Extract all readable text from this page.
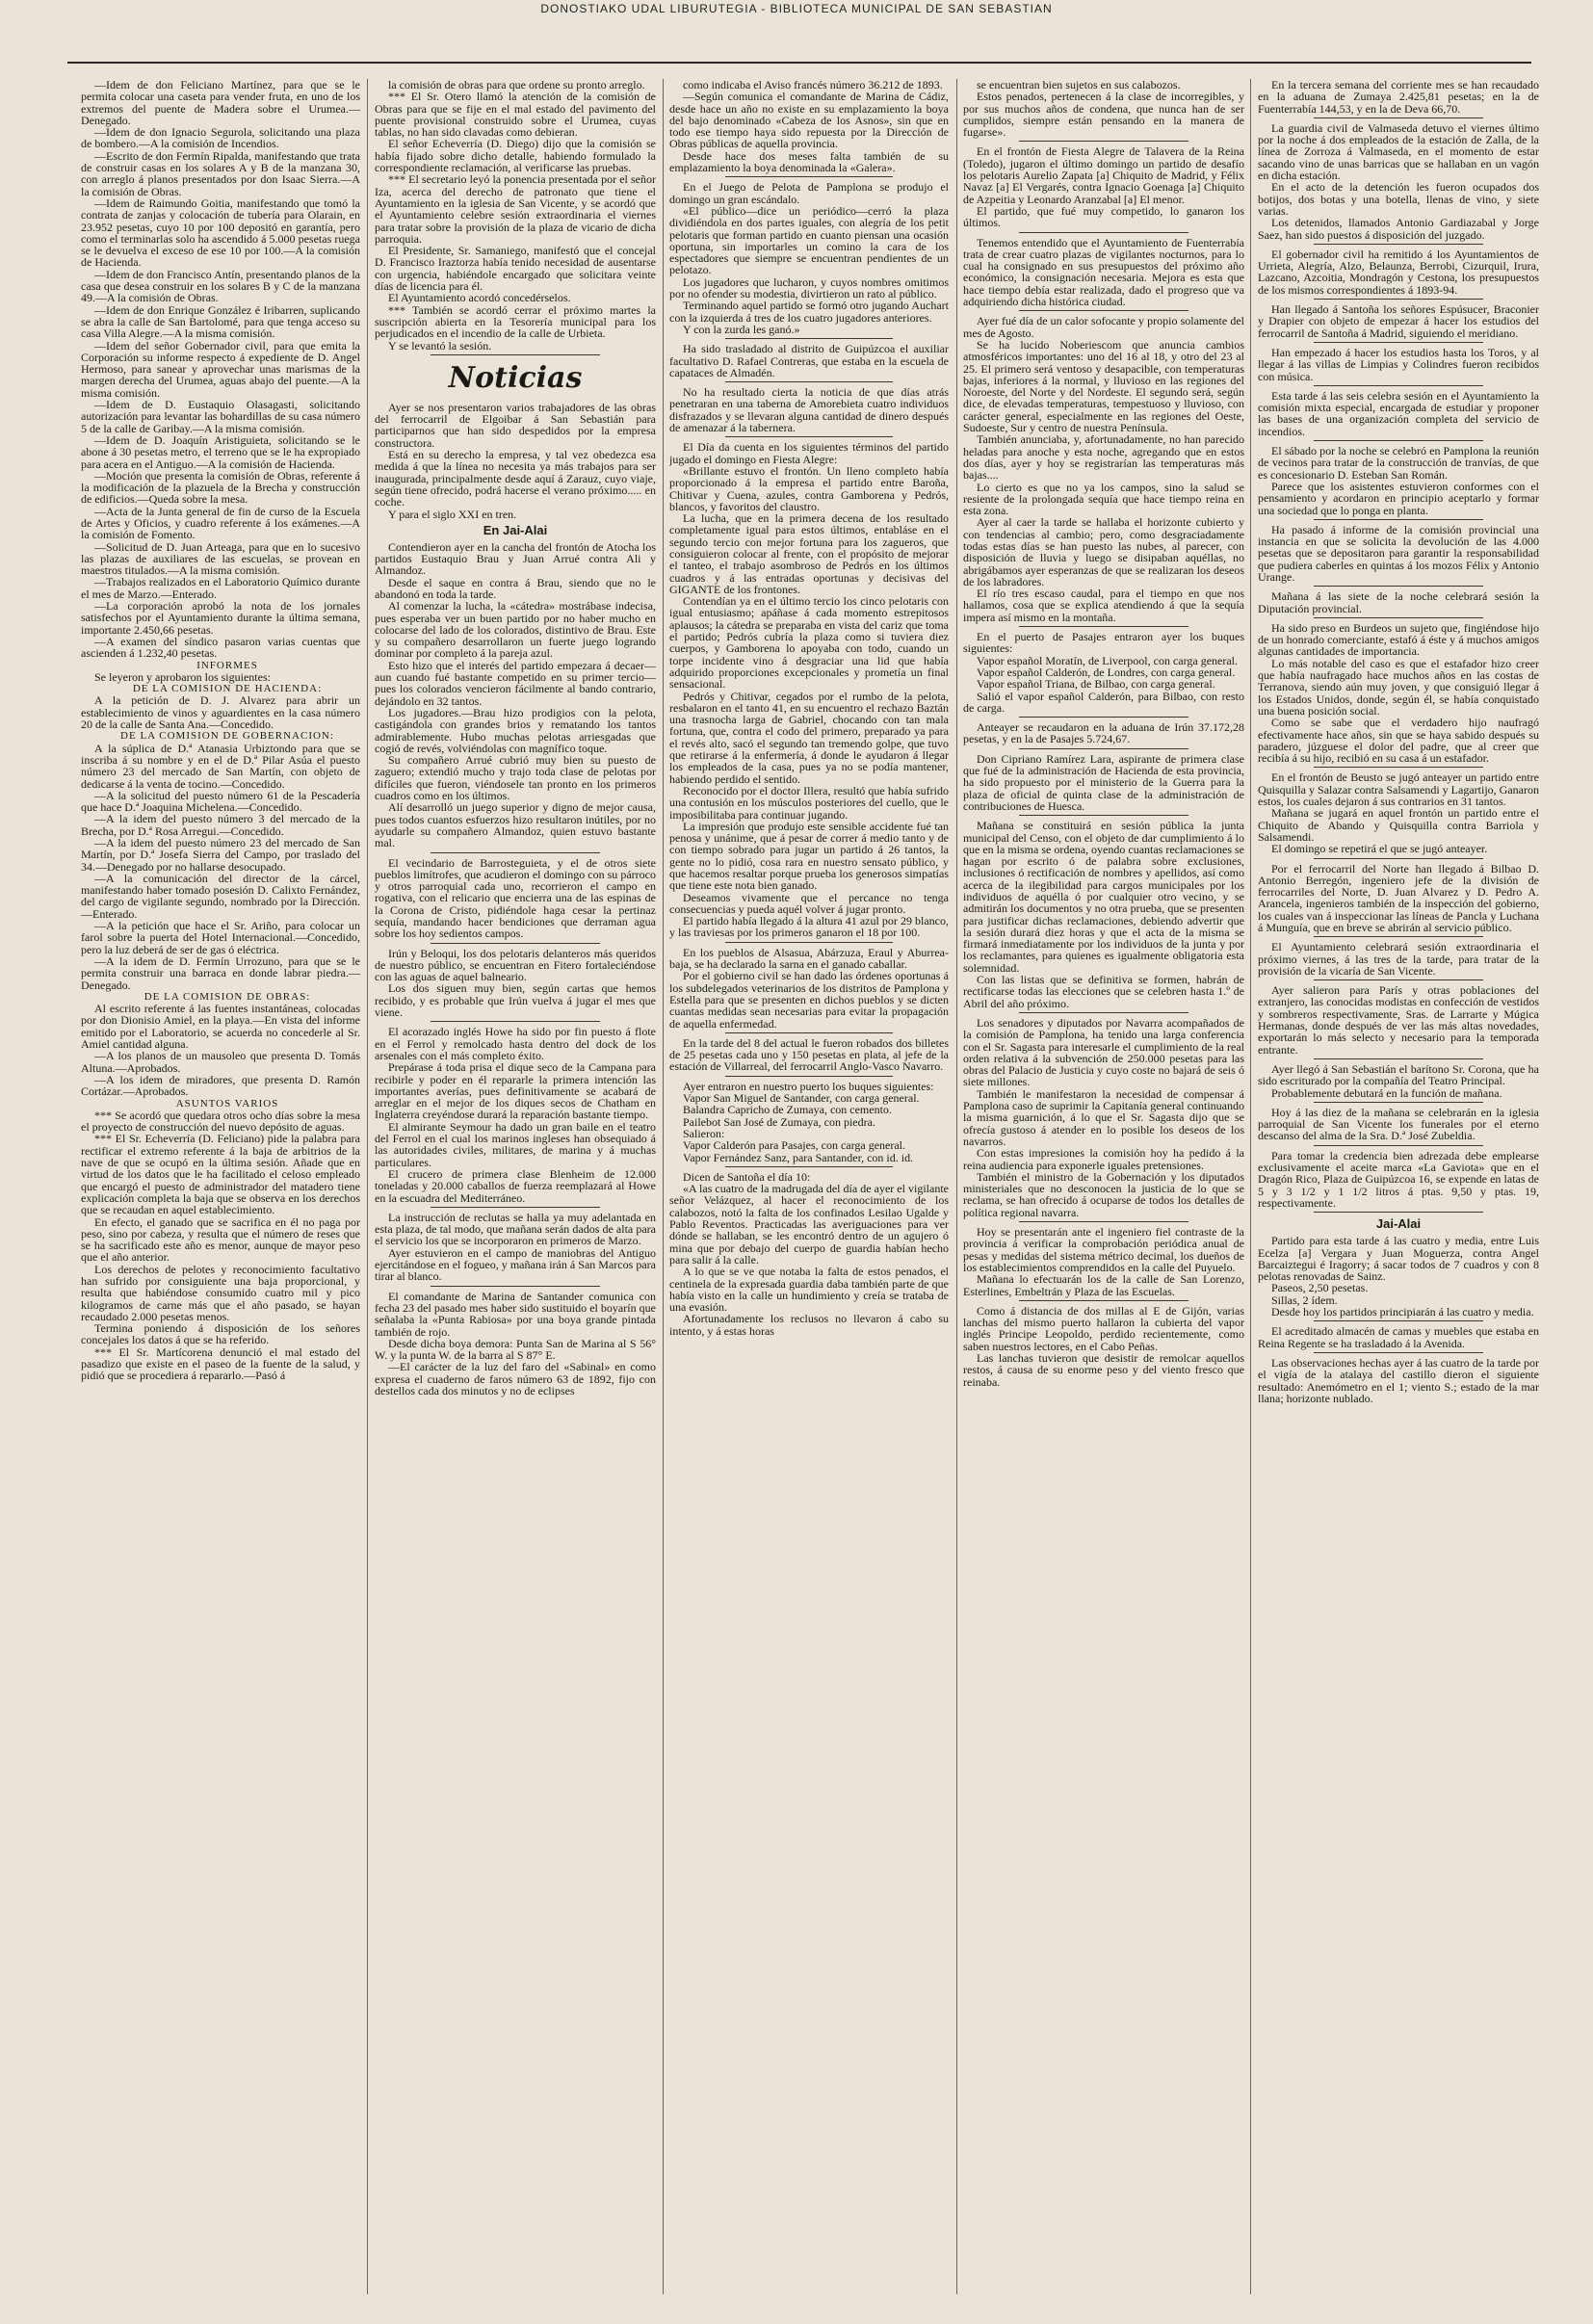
DONOSTIAKO UDAL LIBURUTEGIA - BIBLIOTECA MUNICIPAL DE SAN SEBASTIAN

—Idem de don Feliciano Martínez, para que se le permita colocar una caseta para vender fruta, en uno de los extremos del puente de Madera sobre el Urumea.—Denegado.

—Idem de don Ignacio Segurola, solicitando una plaza de bombero.—A la comisión de Incendios.

—Escrito de don Fermín Ripalda, manifestando que trata de construir casas en los solares A y B de la manzana 30, con arreglo á planos presentados por don Isaac Sierra.—A la comisión de Obras.

—Idem de Raimundo Goitia, manifestando que tomó la contrata de zanjas y colocación de tubería para Olarain, en 23.952 pesetas, cuyo 10 por 100 depositó en garantía, pero como el terminarlas solo ha ascendido á 5.000 pesetas ruega se le devuelva el exceso de ese 10 por 100.—A la comisión de Hacienda.

—Idem de don Francisco Antín, presentando planos de la casa que desea construir en los solares B y C de la manzana 49.—A la comisión de Obras.

—Idem de don Enrique González é Iribarren, suplicando se abra la calle de San Bartolomé, para que tenga acceso su casa Villa Alegre.—A la misma comisión.

—Idem del señor Gobernador civil, para que emita la Corporación su informe respecto á expediente de D. Angel Hermoso, para sanear y aprovechar unas marismas de la margen derecha del Urumea, aguas abajo del puente.—A la misma comisión.

—Idem de D. Eustaquio Olasagasti, solicitando autorización para levantar las bohardillas de su casa número 5 de la calle de Garibay.—A la misma comisión.

—Idem de D. Joaquín Aristiguieta, solicitando se le abone á 30 pesetas metro, el terreno que se le ha expropiado para acera en el Antiguo.—A la comisión de Hacienda.

—Moción que presenta la comisión de Obras, referente á la modificación de la plazuela de la Brecha y construcción de edificios.—Queda sobre la mesa.

—Acta de la Junta general de fin de curso de la Escuela de Artes y Oficios, y cuadro referente á los exámenes.—A la comisión de Fomento.

—Solicitud de D. Juan Arteaga, para que en lo sucesivo las plazas de auxiliares de las escuelas, se provean en maestros titulados.—A la misma comisión.

—Trabajos realizados en el Laboratorio Químico durante el mes de Marzo.—Enterado.

—La corporación aprobó la nota de los jornales satisfechos por el Ayuntamiento durante la última semana, importante 2.450,66 pesetas.

—A examen del síndico pasaron varias cuentas que ascienden á 1.232,40 pesetas.

INFORMES

Se leyeron y aprobaron los siguientes:

DE LA COMISION DE HACIENDA:

A la petición de D. J. Alvarez para abrir un establecimiento de vinos y aguardientes en la casa número 20 de la calle de Santa Ana.—Concedido.

DE LA COMISION DE GOBERNACION:

A la súplica de D.ª Atanasia Urbiztondo para que se inscriba á su nombre y en el de D.ª Pilar Asúa el puesto número 23 del mercado de San Martín, con objeto de dedicarse á la venta de tocino.—Concedido.

—A la solicitud del puesto número 61 de la Pescadería que hace D.ª Joaquina Michelena.—Concedido.

—A la idem del puesto número 3 del mercado de la Brecha, por D.ª Rosa Arregui.—Concedido.

—A la idem del puesto número 23 del mercado de San Martín, por D.ª Josefa Sierra del Campo, por traslado del 34.—Denegado por no hallarse desocupado.

—A la comunicación del director de la cárcel, manifestando haber tomado posesión D. Calixto Fernández, del cargo de vigilante segundo, nombrado por la Dirección.—Enterado.

—A la petición que hace el Sr. Ariño, para colocar un farol sobre la puerta del Hotel Internacional.—Concedido, pero la luz deberá de ser de gas ó eléctrica.

—A la idem de D. Fermín Urrozuno, para que se le permita construir una barraca en donde labrar piedra.—Denegado.

DE LA COMISION DE OBRAS:

Al escrito referente á las fuentes instantáneas, colocadas por don Dionisio Amiel, en la playa.—En vista del informe emitido por el Laboratorio, se acuerda no concederle al Sr. Amiel cantidad alguna.

—A los planos de un mausoleo que presenta D. Tomás Altuna.—Aprobados.

—A los idem de miradores, que presenta D. Ramón Cortázar.—Aprobados.

ASUNTOS VARIOS

*** Se acordó que quedara otros ocho días sobre la mesa el proyecto de construcción del nuevo depósito de aguas.

*** El Sr. Echeverría (D. Feliciano) pide la palabra para rectificar el extremo referente á la baja de arbitrios de la nave de que se ocupó en la última sesión. Añade que en virtud de los datos que le ha facilitado el celoso empleado que encargó el puesto de administrador del matadero tiene explicación completa la baja que se observa en los derechos que se recaudan en aquel establecimiento.

En efecto, el ganado que se sacrifica en él no paga por peso, sino por cabeza, y resulta que el número de reses que se ha sacrificado este año es menor, aunque de mayor peso que el año anterior.

Los derechos de pelotes y reconocimiento facultativo han sufrido por consiguiente una baja proporcional, y resulta que habiéndose consumido cuatro mil y pico kilogramos de carne más que el año pasado, se hayan recaudado 2.000 pesetas menos.

Termina poniendo á disposición de los señores concejales los datos á que se ha referido.

*** El Sr. Martícorena denunció el mal estado del pasadizo que existe en el paseo de la fuente de la salud, y pidió que se procediera á repararlo.—Pasó á

la comisión de obras para que ordene su pronto arreglo.

*** El Sr. Otero llamó la atención de la comisión de Obras para que se fije en el mal estado del pavimento del puente provisional construido sobre el Urumea, cuyas tablas, no han sido clavadas como debieran.

El señor Echeverría (D. Diego) dijo que la comisión se había fijado sobre dicho detalle, habiendo formulado la correspondiente reclamación, al verificarse las pruebas.

*** El secretario leyó la ponencia presentada por el señor Iza, acerca del derecho de patronato que tiene el Ayuntamiento en la iglesia de San Vicente, y se acordó que el Ayuntamiento celebre sesión extraordinaria el viernes para tratar sobre la provisión de la plaza de vicario de dicha parroquia.

El Presidente, Sr. Samaniego, manifestó que el concejal D. Francisco Iraztorza había tenido necesidad de ausentarse con urgencia, habiéndole encargado que solicitara veinte días de licencia para él.

El Ayuntamiento acordó concedérselos.

*** También se acordó cerrar el próximo martes la suscripción abierta en la Tesorería municipal para los perjudicados en el incendio de la calle de Urbieta.

Y se levantó la sesión.

Noticias

Ayer se nos presentaron varios trabajadores de las obras del ferrocarril de Elgoibar á San Sebastián para participarnos que han sido despedidos por la empresa constructora.

Está en su derecho la empresa, y tal vez obedezca esa medida á que la línea no necesita ya más trabajos para ser inaugurada, principalmente desde aquí á Zarauz, cuyo viaje, según tiene ofrecido, podrá hacerse el verano próximo..... en coche.

Y para el siglo XXI en tren.

En Jai-Alai

Contendieron ayer en la cancha del frontón de Atocha los partidos Eustaquio Brau y Juan Arrué contra Ali y Almandoz.

Desde el saque en contra á Brau, siendo que no le abandonó en toda la tarde.

Al comenzar la lucha, la «cátedra» mostrábase indecisa, pues esperaba ver un buen partido por no haber mucho en colocarse del lado de los colorados, distintivo de Brau. Este y su compañero desarrollaron un fuerte juego logrando dominar por completo á la pareja azul.

Esto hizo que el interés del partido empezara á decaer—aun cuando fué bastante competido en su primer tercio—pues los colorados vencieron fácilmente al bando contrario, dejándolo en 32 tantos.

Los jugadores.—Brau hizo prodigios con la pelota, castigándola con grandes brios y rematando los tantos admirablemente. Hubo muchas pelotas arriesgadas que cogió de revés, volviéndolas con magnífico toque.

Su compañero Arrué cubrió muy bien su puesto de zaguero; extendió mucho y trajo toda clase de pelotas por difíciles que fueron, viéndosele tan pronto en los primeros cuadros como en los últimos.

Alí desarrolló un juego superior y digno de mejor causa, pues todos cuantos esfuerzos hizo resultaron inútiles, por no ayudarle su compañero Almandoz, quien estuvo bastante mal.

El vecindario de Barrosteguieta, y el de otros siete pueblos limítrofes, que acudieron el domingo con su párroco y otros parroquial cada uno, recorrieron el campo en rogativa, con el relicario que encierra una de las espinas de la Corona de Cristo, pidiéndole haga cesar la pertinaz sequía, mandando hacer bendiciones que derraman agua sobre los hoy sedientos campos.

Irún y Beloqui, los dos pelotaris delanteros más queridos de nuestro público, se encuentran en Fitero fortaleciéndose con las aguas de aquel balneario.

Los dos siguen muy bien, según cartas que hemos recibido, y es probable que Irún vuelva á jugar el mes que viene.

El acorazado inglés Howe ha sido por fin puesto á flote en el Ferrol y remolcado hasta dentro del dock de los arsenales con el más completo éxito.

Prepárase á toda prisa el dique seco de la Campana para recibirle y poder en él repararle la primera intención las importantes averías, pues definitivamente se acabará de arreglar en el mejor de los diques secos de Chatham en Inglaterra creyéndose durará la reparación bastante tiempo.

El almirante Seymour ha dado un gran baile en el teatro del Ferrol en el cual los marinos ingleses han obsequiado á las autoridades civiles, militares, de marina y á muchas particulares.

El crucero de primera clase Blenheim de 12.000 toneladas y 20.000 caballos de fuerza reemplazará al Howe en la escuadra del Mediterráneo.

La instrucción de reclutas se halla ya muy adelantada en esta plaza, de tal modo, que mañana serán dados de alta para el servicio los que se incorporaron en primeros de Marzo.

Ayer estuvieron en el campo de maniobras del Antiguo ejercitándose en el fogueo, y mañana irán á San Marcos para tirar al blanco.

El comandante de Marina de Santander comunica con fecha 23 del pasado mes haber sido sustituido el boyarín que señalaba la «Punta Rabiosa» por una boya grande pintada también de rojo.

Desde dicha boya demora: Punta San de Marina al S 56° W. y la punta W. de la barra al S 87° E.

—El carácter de la luz del faro del «Sabinal» en como expresa el cuaderno de faros número 63 de 1892, fijo con destellos cada dos minutos y no de eclipses

como indicaba el Aviso francés número 36.212 de 1893.

—Según comunica el comandante de Marina de Cádiz, desde hace un año no existe en su emplazamiento la boya del bajo denominado «Cabeza de los Asnos», sin que en todo ese tiempo haya sido repuesta por la Dirección de Obras públicas de aquella provincia.

Desde hace dos meses falta también de su emplazamiento la boya denominada la «Galera».

En el Juego de Pelota de Pamplona se produjo el domingo un gran escándalo.

«El público—dice un periódico—cerró la plaza dividiéndola en dos partes iguales, con alegría de los petit pelotaris que forman partido en cuanto piensan una ocasión oportuna, sin importarles un comino la cara de los espectadores que siempre se encuentran pendientes de un pelotazo.

Los jugadores que lucharon, y cuyos nombres omitimos por no ofender su modestia, divirtieron un rato al público.

Terminando aquel partido se formó otro jugando Auchart con la izquierda á tres de los cuatro jugadores anteriores.

Y con la zurda les ganó.»

Ha sido trasladado al distrito de Guipúzcoa el auxiliar facultativo D. Rafael Contreras, que estaba en la escuela de capataces de Almadén.

No ha resultado cierta la noticia de que días atrás penetraran en una taberna de Amorebieta cuatro individuos disfrazados y se llevaran alguna cantidad de dinero después de amenazar á la tabernera.

El Día da cuenta en los siguientes términos del partido jugado el domingo en Fiesta Alegre:

«Brillante estuvo el frontón. Un lleno completo había proporcionado á la empresa el partido entre Baroña, Chitivar y Cuena, azules, contra Gamborena y Pedrós, blancos, y favoritos del claustro.

La lucha, que en la primera decena de los resultado completamente igual para estos últimos, entabláse en el segundo tercio con mejor fortuna para los zagueros, que consiguieron colocar al frente, con el propósito de mejorar el tanteo, el trabajo asombroso de Pedrós en los últimos cuadros y á las entradas oportunas y decisivas del GIGANTE de los frontones.

Contendían ya en el último tercio los cinco pelotaris con igual entusiasmo; apáñase á cada momento estrepitosos aplausos; la cátedra se preparaba en vista del cariz que toma el partido; Pedrós cubría la plaza como si tuviera diez cuerpos, y Gamborena lo apoyaba con todo, cuando un torpe incidente vino á desgraciar una lid que había adquirido proporciones excepcionales y prometía un final sensacional.

Pedrós y Chitivar, cegados por el rumbo de la pelota, resbalaron en el tanto 41, en su encuentro el rechazo Baztán una trasnocha larga de Gabriel, chocando con tan mala fortuna, que, contra el codo del primero, preparado ya para el revés alto, sacó el segundo tan tremendo golpe, que tuvo que retirarse á la enfermería, á donde le ayudaron á llegar los empleados de la casa, pues ya no se podía mantener, habiendo perdido el sentido.

Reconocido por el doctor Illera, resultó que había sufrido una contusión en los músculos posteriores del cuello, que le imposibilitaba para continuar jugando.

La impresión que produjo este sensible accidente fué tan penosa y unánime, que á pesar de correr á medio tanto y de con tiempo sobrado para jugar un partido á 26 tantos, la gente no lo pidió, cosa rara en nuestro sensato público, y que hacemos resaltar porque prueba los generosos simpatías que tiene este nota bien ganado.

Deseamos vivamente que el percance no tenga consecuencias y pueda aquél volver á jugar pronto.

El partido había llegado á la altura 41 azul por 29 blanco, y las traviesas por los primeros ganaron el 18 por 100.

En los pueblos de Alsasua, Abárzuza, Eraul y Aburrea-baja, se ha declarado la sarna en el ganado caballar.

Por el gobierno civil se han dado las órdenes oportunas á los subdelegados veterinarios de los distritos de Pamplona y Estella para que se presenten en dichos pueblos y se dicten cuantas medidas sean necesarias para evitar la propagación de aquella enfermedad.

En la tarde del 8 del actual le fueron robados dos billetes de 25 pesetas cada uno y 150 pesetas en plata, al jefe de la estación de Villarreal, del ferrocarril Anglo-Vasco Navarro.

Ayer entraron en nuestro puerto los buques siguientes:

Vapor San Miguel de Santander, con carga general.

Balandra Capricho de Zumaya, con cemento.

Pailebot San José de Zumaya, con piedra.

Salieron:

Vapor Calderón para Pasajes, con carga general.

Vapor Fernández Sanz, para Santander, con id. id.

Dicen de Santoña el día 10:

«A las cuatro de la madrugada del día de ayer el vigilante señor Velázquez, al hacer el reconocimiento de los calabozos, notó la falta de los confinados Lesilao Ugalde y Pablo Reventos. Practicadas las averiguaciones para ver dónde se hallaban, se les encontró dentro de un agujero ó mina que por debajo del cuerpo de guardia habían hecho para salir á la calle.

A lo que se ve que notaba la falta de estos penados, el centinela de la expresada guardia daba también parte de que había visto en la calle un hundimiento y creía se trataba de una evasión.

Afortunadamente los reclusos no llevaron á cabo su intento, y á estas horas

se encuentran bien sujetos en sus calabozos.

Estos penados, pertenecen á la clase de incorregibles, y por sus muchos años de condena, que nunca han de ser cumplidos, siempre están pensando en la manera de fugarse».

En el frontón de Fiesta Alegre de Talavera de la Reina (Toledo), jugaron el último domingo un partido de desafío los pelotaris Aurelio Zapata [a] Chiquito de Madrid, y Félix Navaz [a] El Vergarés, contra Ignacio Goenaga [a] Chiquito de Azpeitia y Leonardo Aranzabal [a] El menor.

El partido, que fué muy competido, lo ganaron los últimos.

Tenemos entendido que el Ayuntamiento de Fuenterrabía trata de crear cuatro plazas de vigilantes nocturnos, para lo cual ha consignado en sus presupuestos del próximo año económico, la consignación necesaria. Mejora es esta que hace tiempo debía estar realizada, dado el progreso que va adquiriendo dicha histórica ciudad.

Ayer fué día de un calor sofocante y propio solamente del mes de Agosto.

Se ha lucido Noberiescom que anuncia cambios atmosféricos importantes: uno del 16 al 18, y otro del 23 al 25. El primero será ventoso y desapacible, con temperaturas bajas, inferiores á la normal, y lluvioso en las regiones del Noroeste, del Norte y del Nordeste. El segundo será, según dice, de elevadas temperaturas, tempestuoso y lluvioso, con carácter general, especialmente en las regiones del Oeste, Sudoeste, Sur y centro de nuestra Península.

También anunciaba, y, afortunadamente, no han parecido heladas para anoche y esta noche, agregando que en estos dos días, ayer y hoy se registrarían las temperaturas más bajas....

Lo cierto es que no ya los campos, sino la salud se resiente de la prolongada sequía que hace tiempo reina en esta zona.

Ayer al caer la tarde se hallaba el horizonte cubierto y con tendencias al cambio; pero, como desgraciadamente todas estas días se han puesto las nubes, al parecer, con disposición de lluvia y luego se disipaban aquéllas, no abrigábamos ayer esperanzas de que se realizaran los deseos de los labradores.

El río tres escaso caudal, para el tiempo en que nos hallamos, cosa que se explica atendiendo á que la sequía impera así mismo en la montaña.

En el puerto de Pasajes entraron ayer los buques siguientes:

Vapor español Moratín, de Liverpool, con carga general.

Vapor español Calderón, de Londres, con carga general.

Vapor español Triana, de Bilbao, con carga general.

Salió el vapor español Calderón, para Bilbao, con resto de carga.

Anteayer se recaudaron en la aduana de Irún 37.172,28 pesetas, y en la de Pasajes 5.724,67.

Don Cipriano Ramírez Lara, aspirante de primera clase que fué de la administración de Hacienda de esta provincia, ha sido propuesto por el ministerio de la Guerra para la plaza de oficial de quinta clase de la administración de contribuciones de Huesca.

Mañana se constituirá en sesión pública la junta municipal del Censo, con el objeto de dar cumplimiento á lo que en la misma se ordena, oyendo cuantas reclamaciones se hagan por escrito ó de palabra sobre exclusiones, inclusiones ó rectificación de nombres y apellidos, así como acerca de la ilegibilidad para cargos municipales por los individuos de aquélla ó por cualquier otro vecino, y se admitirán los documentos y no otra prueba, que se presenten para justificar dichas reclamaciones, debiendo advertir que la sesión durará diez horas y que el acta de la misma se firmará inmediatamente por los individuos de la junta y por los reclamantes, para quienes es igualmente obligatoria esta solemnidad.

Con las listas que se definitiva se formen, habrán de rectificarse todas las elecciones que se celebren hasta 1.º de Abril del año próximo.

Los senadores y diputados por Navarra acompañados de la comisión de Pamplona, ha tenido una larga conferencia con el Sr. Sagasta para interesarle el cumplimiento de la real orden relativa á la subvención de 250.000 pesetas para las obras del Palacio de Justicia y cuyo coste no bajará de seis ó siete millones.

También le manifestaron la necesidad de compensar á Pamplona caso de suprimir la Capitanía general continuando la misma guarnición, á lo que el Sr. Sagasta dijo que se ofrecía gustoso á atender en lo posible los deseos de los navarros.

Con estas impresiones la comisión hoy ha pedido á la reina audiencia para exponerle iguales pretensiones.

También el ministro de la Gobernación y los diputados ministeriales que no desconocen la justicia de lo que se reclama, se han ofrecido á ocuparse de todos los detalles de política regional navarra.

Hoy se presentarán ante el ingeniero fiel contraste de la provincia á verificar la comprobación periódica anual de pesas y medidas del sistema métrico decimal, los dueños de los establecimientos comprendidos en la calle del Puyuelo.

Mañana lo efectuarán los de la calle de San Lorenzo, Esterlines, Embeltrán y Plaza de las Escuelas.

Como á distancia de dos millas al E de Gijón, varias lanchas del mismo puerto hallaron la cubierta del vapor inglés Principe Leopoldo, perdido recientemente, como saben nuestros lectores, en el Cabo Peñas.

Las lanchas tuvieron que desistir de remolcar aquellos restos, á causa de su enorme peso y del viento fresco que reinaba.

En la tercera semana del corriente mes se han recaudado en la aduana de Zumaya 2.425,81 pesetas; en la de Fuenterrabía 144,53, y en la de Deva 66,70.

La guardia civil de Valmaseda detuvo el viernes último por la noche á dos empleados de la estación de Zalla, de la línea de Zorroza á Valmaseda, en el momento de estar sacando vino de unas barricas que se hallaban en un vagón en dicha estación.

En el acto de la detención les fueron ocupados dos botijos, dos botas y una botella, llenas de vino, y siete varias.

Los detenidos, llamados Antonio Gardiazabal y Jorge Saez, han sido puestos á disposición del juzgado.

El gobernador civil ha remitido á los Ayuntamientos de Urrieta, Alegría, Alzo, Belaunza, Berrobi, Cizurquil, Irura, Lazcano, Azcoitia, Mondragón y Cestona, los presupuestos de los mismos correspondientes á 1893-94.

Han llegado á Santoña los señores Espúsucer, Braconier y Drapier con objeto de empezar á hacer los estudios del ferrocarril de Santoña á Madrid, siguiendo el meridiano.

Han empezado á hacer los estudios hasta los Toros, y al llegar á las villas de Limpias y Colindres fueron recibidos con música.

Esta tarde á las seis celebra sesión en el Ayuntamiento la comisión mixta especial, encargada de estudiar y proponer las bases de una organización completa del servicio de incendios.

El sábado por la noche se celebró en Pamplona la reunión de vecinos para tratar de la construcción de tranvías, de que es concesionario D. Esteban San Román.

Parece que los asistentes estuvieron conformes con el pensamiento y acordaron en principio aceptarlo y formar una sociedad que lo ponga en planta.

Ha pasado á informe de la comisión provincial una instancia en que se solicita la devolución de las 4.000 pesetas que se depositaron para garantir la responsabilidad que pudiera caberles en quintas á los mozos Félix y Antonio Urange.

Mañana á las siete de la noche celebrará sesión la Diputación provincial.

Ha sido preso en Burdeos un sujeto que, fingiéndose hijo de un honrado comerciante, estafó á éste y á muchos amigos algunas cantidades de importancia.

Lo más notable del caso es que el estafador hizo creer que había naufragado hace muchos años en las costas de Terranova, siendo aún muy joven, y que consiguió llegar á los Estados Unidos, donde, según él, se había conquistado una buena posición social.

Como se sabe que el verdadero hijo naufragó efectivamente hace años, sin que se haya sabido después su paradero, júzguese el dolor del padre, que al creer que recibía á su hijo, recibió en su casa á un estafador.

En el frontón de Beusto se jugó anteayer un partido entre Quisquilla y Salazar contra Salsamendi y Lagartijo, Ganaron estos, los cuales dejaron á sus contrarios en 31 tantos.

Mañana se jugará en aquel frontón un partido entre el Chiquito de Abando y Quisquilla contra Barriola y Salsamendi.

El domingo se repetirá el que se jugó anteayer.

Por el ferrocarril del Norte han llegado á Bilbao D. Antonio Berregón, ingeniero jefe de la división de ferrocarriles del Norte, D. Juan Alvarez y D. Pedro A. Arancela, ingenieros también de la inspección del gobierno, los cuales van á inspeccionar las líneas de Pancla y Luchana á Munguía, que en breve se abrirán al servicio público.

El Ayuntamiento celebrará sesión extraordinaria el próximo viernes, á las tres de la tarde, para tratar de la provisión de la vicaría de San Vicente.

Ayer salieron para París y otras poblaciones del extranjero, las conocidas modistas en confección de vestidos y sombreros respectivamente, Sras. de Larrarte y Múgica Hermanas, donde después de ver las más altas novedades, exportarán lo más selecto y necesario para la temporada entrante.

Ayer llegó á San Sebastián el barítono Sr. Corona, que ha sido escriturado por la compañía del Teatro Principal.

Probablemente debutará en la función de mañana.

Hoy á las diez de la mañana se celebrarán en la iglesia parroquial de San Vicente los funerales por el eterno descanso del alma de la Sra. D.ª José Zubeldia.

Para tomar la credencia bien adrezada debe emplearse exclusivamente el aceite marca «La Gaviota» que en el Dragón Rico, Plaza de Guipúzcoa 16, se expende en latas de 5 y 3 1/2 y 1 1/2 litros á ptas. 9,50 y ptas. 19, respectivamente.

Jai-Alai

Partido para esta tarde á las cuatro y media, entre Luis Ecelza [a] Vergara y Juan Moguerza, contra Angel Barcaiztegui é Iragorry; á sacar todos de 7 cuadros y con 8 pelotas renovadas de Sainz.

Paseos, 2,50 pesetas.

Sillas, 2 ídem.

Desde hoy los partidos principiarán á las cuatro y media.

El acreditado almacén de camas y muebles que estaba en Reina Regente se ha trasladado á la Avenida.

Las observaciones hechas ayer á las cuatro de la tarde por el vigía de la atalaya del castillo dieron el siguiente resultado: Anemómetro en el 1; viento S.; estado de la mar llana; horizonte nublado.
